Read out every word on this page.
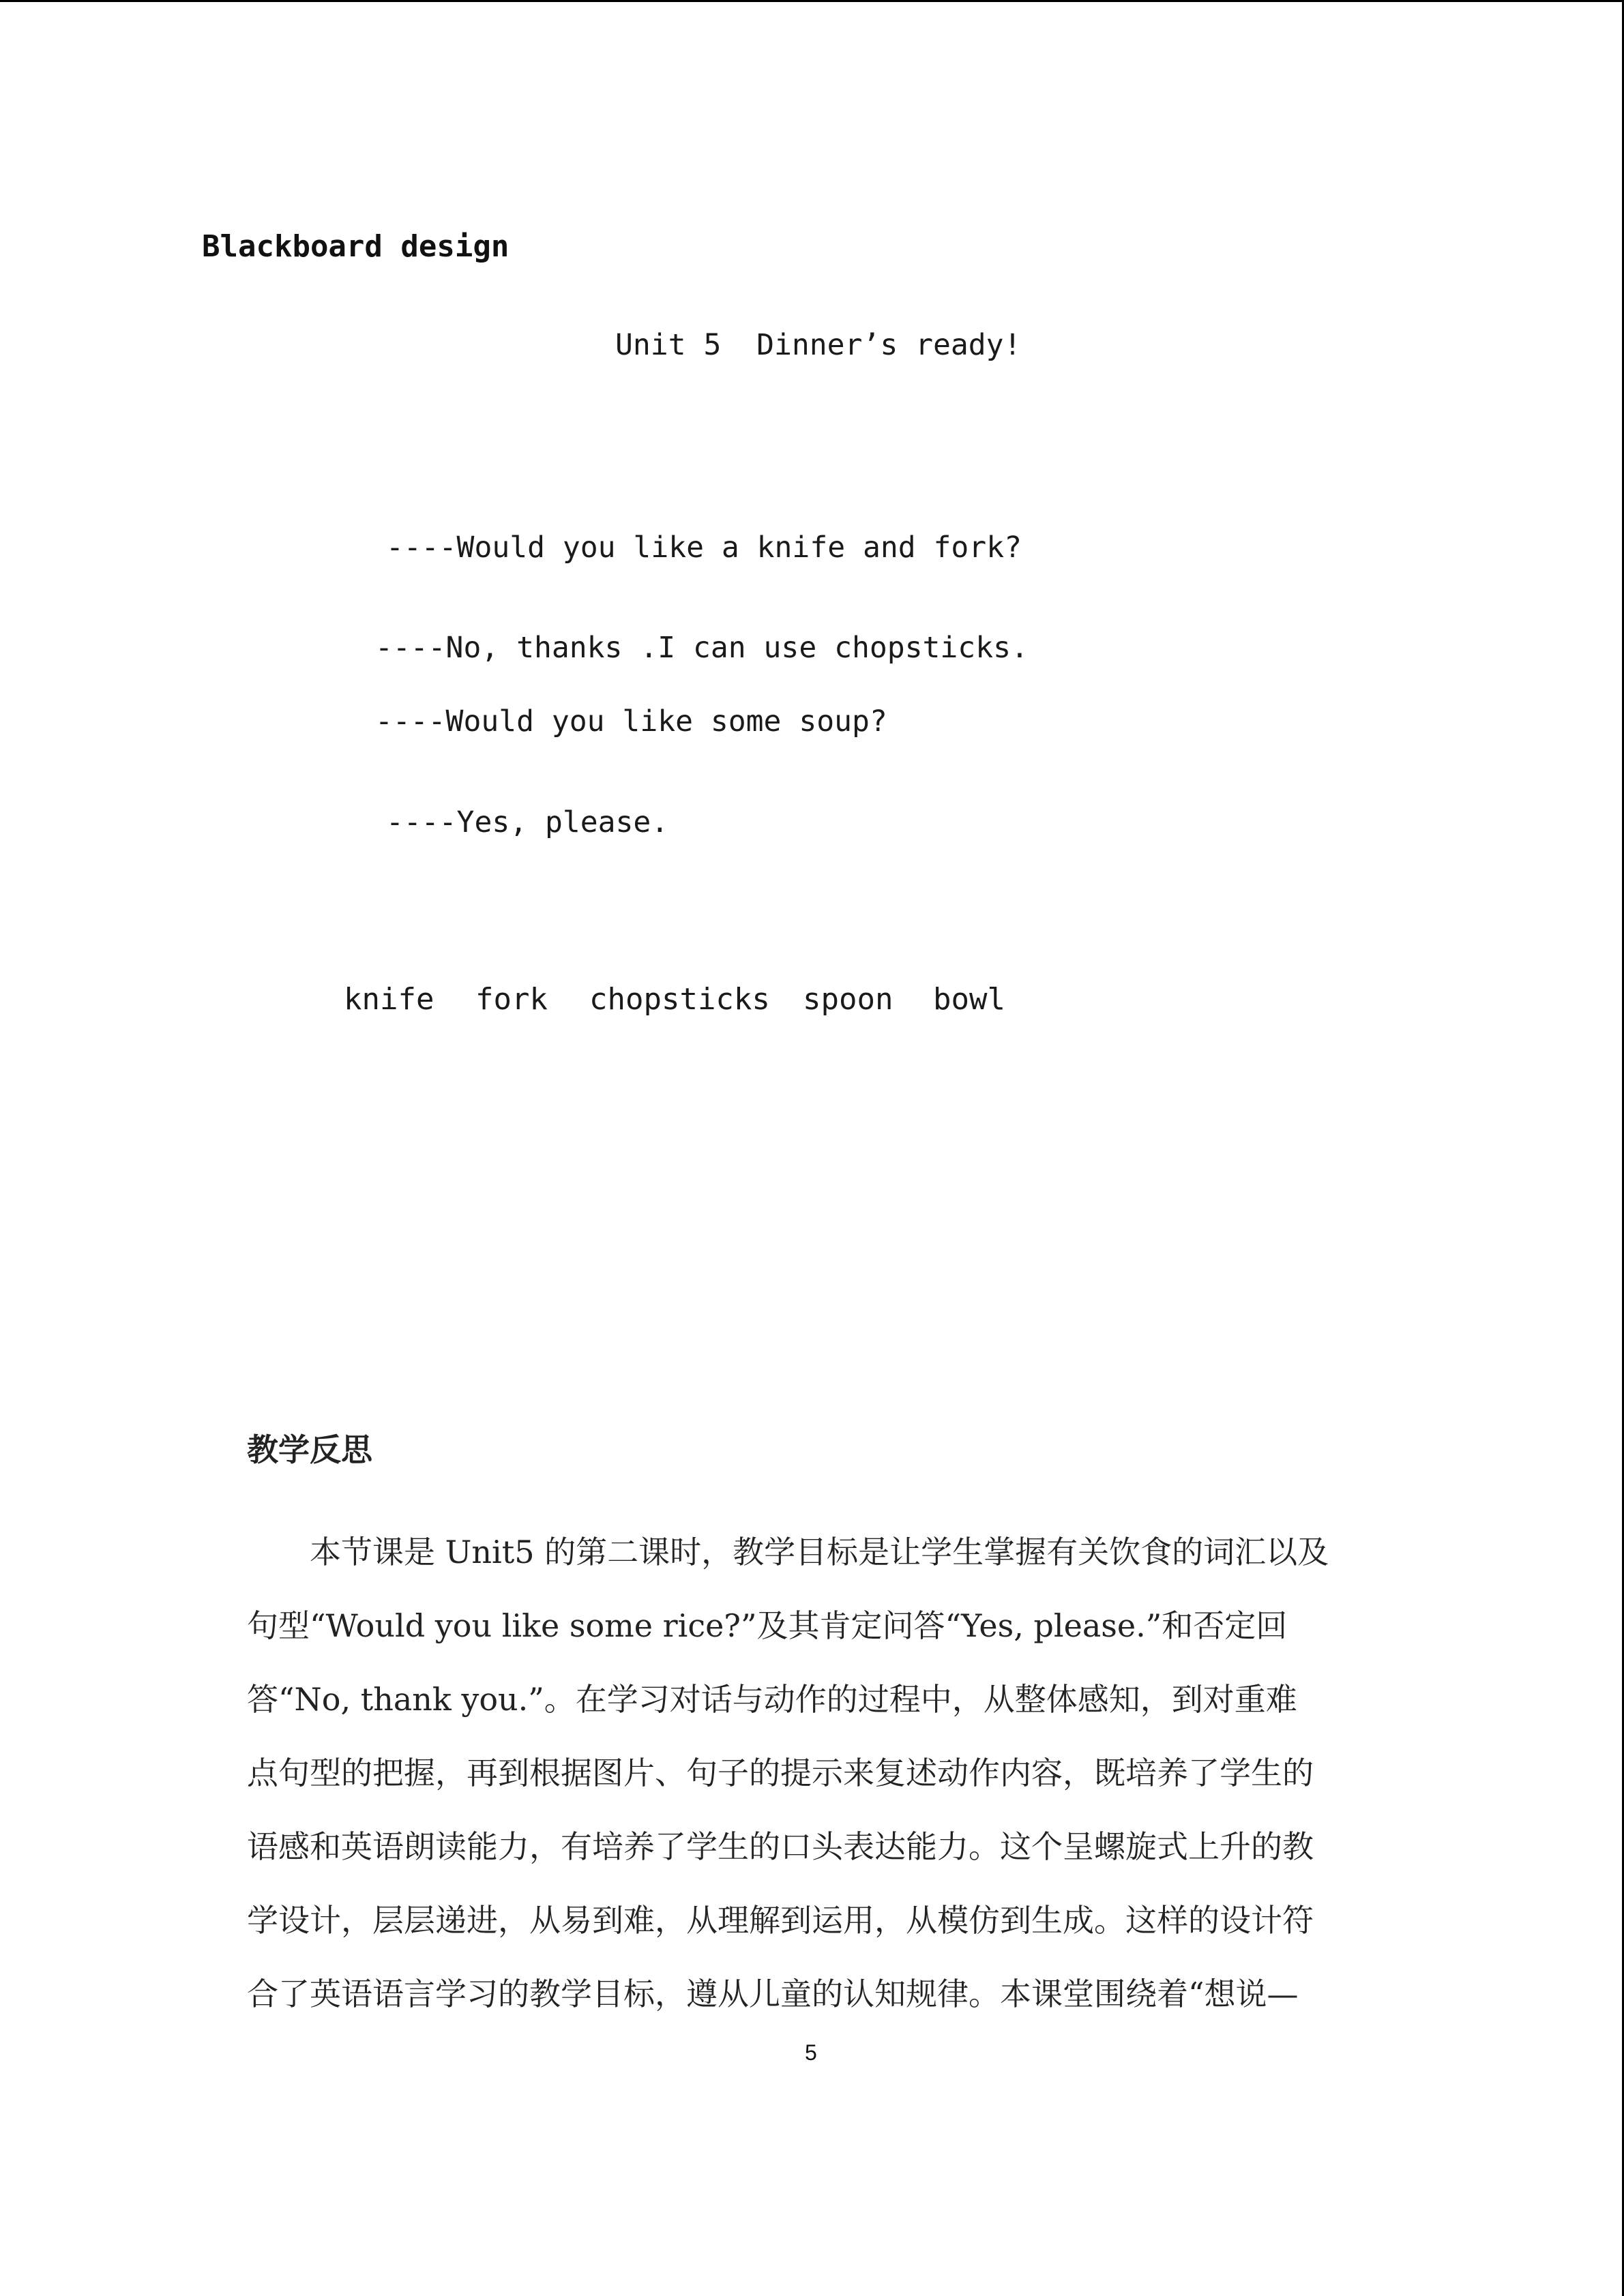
Blackboard design
Unit 5  Dinner’s ready!
----Would you like a knife and fork?
----No, thanks .I can use chopsticks.
----Would you like some soup?
----Yes, please.

knife

fork

chopsticks

spoon

bowl

教学反思
　　本节课是 Unit5 的第二课时，教学目标是让学生掌握有关饮食的词汇以及
句型“Would you like some rice?”及其肯定问答“Yes, please.”和否定回
答“No, thank you.”。在学习对话与动作的过程中，从整体感知，到对重难
点句型的把握，再到根据图片、句子的提示来复述动作内容，既培养了学生的
语感和英语朗读能力，有培养了学生的口头表达能力。这个呈螺旋式上升的教
学设计，层层递进，从易到难，从理解到运用，从模仿到生成。这样的设计符
合了英语语言学习的教学目标，遵从儿童的认知规律。本课堂围绕着“想说—
5
